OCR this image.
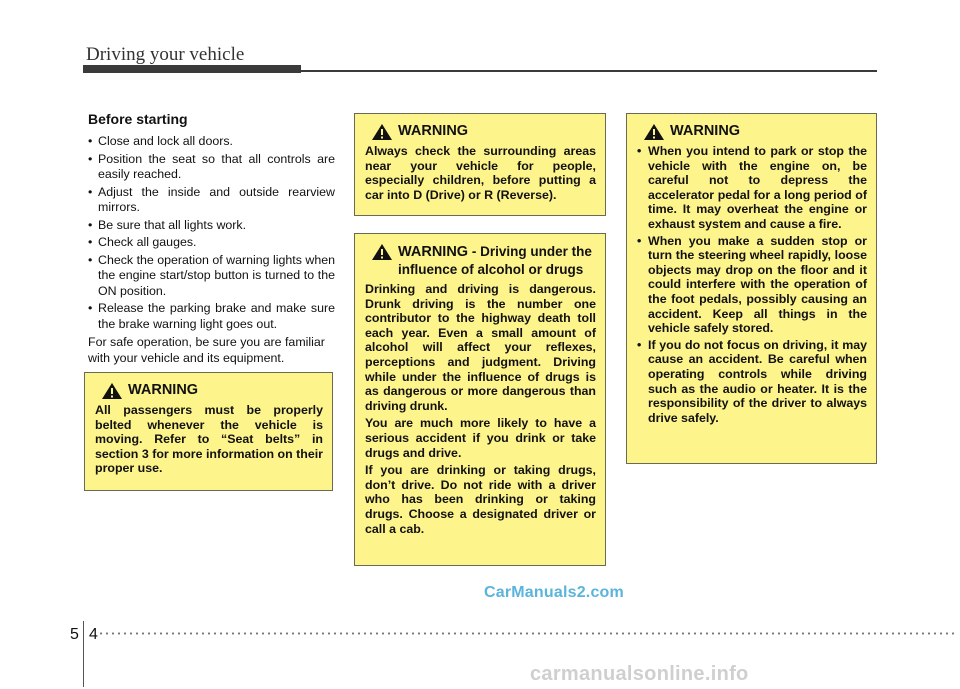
Driving your vehicle
Before starting
• Close and lock all doors.
• Position the seat so that all controls are easily reached.
• Adjust the inside and outside rearview mirrors.
• Be sure that all lights work.
• Check all gauges.
• Check the operation of warning lights when the engine start/stop button is turned to the ON position.
• Release the parking brake and make sure the brake warning light goes out.

For safe operation, be sure you are familiar with your vehicle and its equipment.

WARNING
All passengers must be properly belted whenever the vehicle is moving. Refer to “Seat belts” in section 3 for more information on their proper use.
WARNING
Always check the surrounding areas near your vehicle for people, especially children, before putting a car into D (Drive) or R (Reverse).
WARNING - Driving under the influence of alcohol or drugs

Drinking and driving is dangerous. Drunk driving is the number one contributor to the highway death toll each year. Even a small amount of alcohol will affect your reflexes, perceptions and judgment. Driving while under the influence of drugs is as dangerous or more dangerous than driving drunk.

You are much more likely to have a serious accident if you drink or take drugs and drive.

If you are drinking or taking drugs, don’t drive. Do not ride with a driver who has been drinking or taking drugs. Choose a designated driver or call a cab.

WARNING
• When you intend to park or stop the vehicle with the engine on, be careful not to depress the accelerator pedal for a long period of time. It may overheat the engine or exhaust system and cause a fire.
• When you make a sudden stop or turn the steering wheel rapidly, loose objects may drop on the floor and it could interfere with the operation of the foot pedals, possibly causing an accident. Keep all things in the vehicle safely stored.
• If you do not focus on driving, it may cause an accident. Be careful when operating controls while driving such as the audio or heater. It is the responsibility of the driver to always drive safely.
CarManuals2.com
5 4
carmanualsonline.info
